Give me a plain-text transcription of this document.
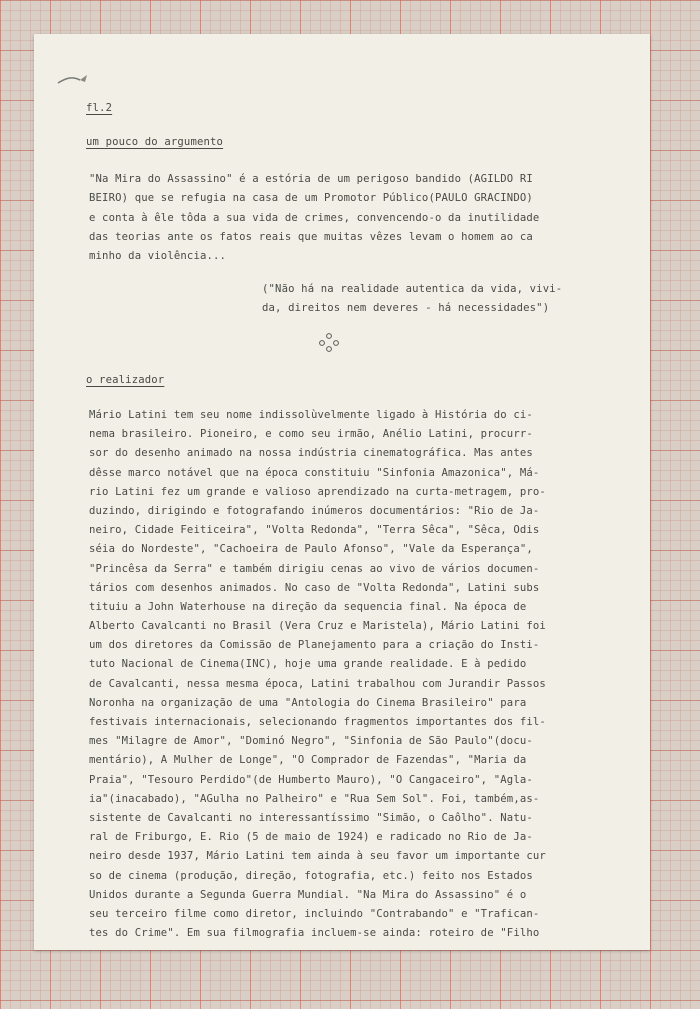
fl.2
um pouco do argumento
"Na Mira do Assassino" é a estória de um perigoso bandido (AGILDO RI
BEIRO) que se refugia na casa de um Promotor Público(PAULO GRACINDO)
e conta à êle tôda a sua vida de crimes, convencendo-o da inutilidade
das teorias ante os fatos reais que muitas vêzes levam o homem ao ca
minho da violência...
("Não há na realidade autentica da vida, vivi-
da, direitos nem deveres - há necessidades")
o realizador
Mário Latini tem seu nome indissolùvelmente ligado à História do ci-
nema brasileiro. Pioneiro, e como seu irmão, Anélio Latini, procurr-
sor do desenho animado na nossa indústria cinematográfica. Mas antes
dêsse marco notável que na época constituiu "Sinfonia Amazonica", Má-
rio Latini fez um grande e valioso aprendizado na curta-metragem, pro-
duzindo, dirigindo e fotografando inúmeros documentários: "Rio de Ja-
neiro, Cidade Feiticeira", "Volta Redonda", "Terra Sêca", "Sêca, Odis
séia do Nordeste", "Cachoeira de Paulo Afonso", "Vale da Esperança",
"Princêsa da Serra" e também dirigiu cenas ao vivo de vários documen-
tários com desenhos animados. No caso de "Volta Redonda", Latini subs
tituiu a John Waterhouse na direção da sequencia final. Na época de
Alberto Cavalcanti no Brasil (Vera Cruz e Maristela), Mário Latini foi
um dos diretores da Comissão de Planejamento para a criação do Insti-
tuto Nacional de Cinema(INC), hoje uma grande realidade. E à pedido
de Cavalcanti, nessa mesma época, Latini trabalhou com Jurandir Passos
Noronha na organização de uma "Antologia do Cinema Brasileiro" para
festivais internacionais, selecionando fragmentos importantes dos fil-
mes "Milagre de Amor", "Dominó Negro", "Sinfonia de São Paulo"(docu-
mentário), A Mulher de Longe", "O Comprador de Fazendas", "Maria da
Praia", "Tesouro Perdido"(de Humberto Mauro), "O Cangaceiro", "Agla-
ia"(inacabado), "AGulha no Palheiro" e "Rua Sem Sol". Foi, também,as-
sistente de Cavalcanti no interessantíssimo "Simão, o Caôlho". Natu-
ral de Friburgo, E. Rio (5 de maio de 1924) e radicado no Rio de Ja-
neiro desde 1937, Mário Latini tem ainda à seu favor um importante cur
so de cinema (produção, direção, fotografia, etc.) feito nos Estados
Unidos durante a Segunda Guerra Mundial. "Na Mira do Assassino" é o
seu terceiro filme como diretor, incluindo "Contrabando" e "Trafican-
tes do Crime". Em sua filmografia incluem-se ainda: roteiro de "Filho
